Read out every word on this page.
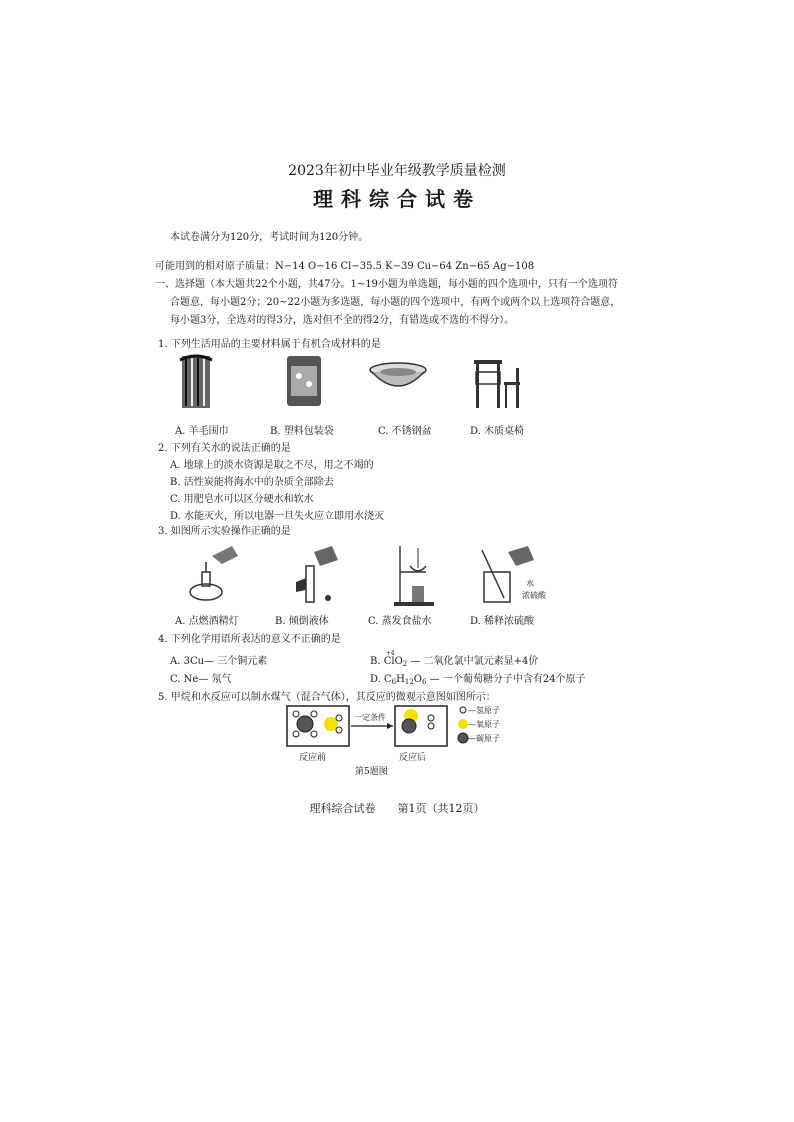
2023年初中毕业年级教学质量检测
理科综合试卷
本试卷满分为120分，考试时间为120分钟。
可能用到的相对原子质量：N−14 O−16 Cl−35.5 K−39 Cu−64 Zn−65 Ag−108
一、选择题（本大题共22个小题，共47分。1~19小题为单选题，每小题的四个选项中，只有一个选项符
合题意，每小题2分；20~22小题为多选题，每小题的四个选项中，有两个或两个以上选项符合题意，
每小题3分，全选对的得3分，选对但不全的得2分，有错选或不选的不得分）。
1. 下列生活用品的主要材料属于有机合成材料的是
A. 羊毛围巾	B. 塑料包装袋	C. 不锈钢盆	D. 木质桌椅
2. 下列有关水的说法正确的是
A. 地球上的淡水资源是取之不尽，用之不竭的
B. 活性炭能将海水中的杂质全部除去
C. 用肥皂水可以区分硬水和软水
D. 水能灭火，所以电器一旦失火应立即用水浇灭
3. 如图所示实验操作正确的是
水
浓硫酸
A. 点燃酒精灯	B. 倾倒液体	C. 蒸发食盐水	D. 稀释浓硫酸
4. 下列化学用语所表达的意义不正确的是
A. 3Cu— 三个铜元素	B.
+4
ClO$_2$ — 二氧化氯中氯元素显+4价
C. Ne— 氖气	D. $C_6H_{12}O_6$ — 一个葡萄糖分子中含有24个原子
5. 甲烷和水反应可以制水煤气（混合气体），其反应的微观示意图如图所示：
一定条件
—氢原子
—氧原子
—碳原子
反应前	反应后
第5题图
理科综合试卷　　第1页（共12页）
